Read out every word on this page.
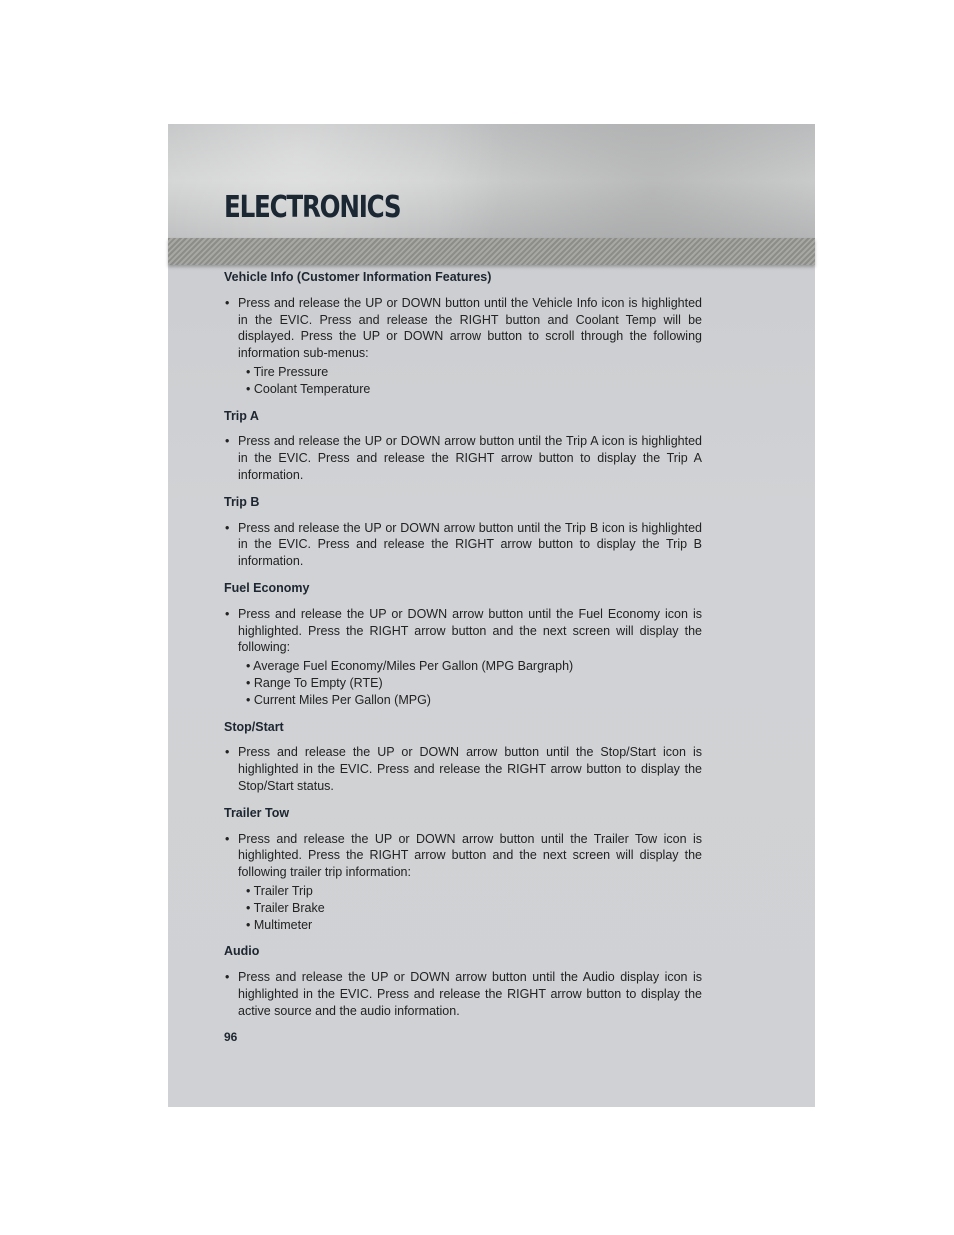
ELECTRONICS
Vehicle Info (Customer Information Features)

• Press and release the UP or DOWN button until the Vehicle Info icon is highlighted in the EVIC. Press and release the RIGHT button and Coolant Temp will be displayed. Press the UP or DOWN arrow button to scroll through the following information sub-menus:

• Tire Pressure

• Coolant Temperature

Trip A

• Press and release the UP or DOWN arrow button until the Trip A icon is highlighted in the EVIC. Press and release the RIGHT arrow button to display the Trip A information.

Trip B

• Press and release the UP or DOWN arrow button until the Trip B icon is highlighted in the EVIC. Press and release the RIGHT arrow button to display the Trip B information.

Fuel Economy

• Press and release the UP or DOWN arrow button until the Fuel Economy icon is highlighted. Press the RIGHT arrow button and the next screen will display the following:

• Average Fuel Economy/Miles Per Gallon (MPG Bargraph)

• Range To Empty (RTE)

• Current Miles Per Gallon (MPG)

Stop/Start

• Press and release the UP or DOWN arrow button until the Stop/Start icon is highlighted in the EVIC. Press and release the RIGHT arrow button to display the Stop/Start status.

Trailer Tow

• Press and release the UP or DOWN arrow button until the Trailer Tow icon is highlighted. Press the RIGHT arrow button and the next screen will display the following trailer trip information:

• Trailer Trip

• Trailer Brake

• Multimeter

Audio

• Press and release the UP or DOWN arrow button until the Audio display icon is highlighted in the EVIC. Press and release the RIGHT arrow button to display the active source and the audio information.

96
